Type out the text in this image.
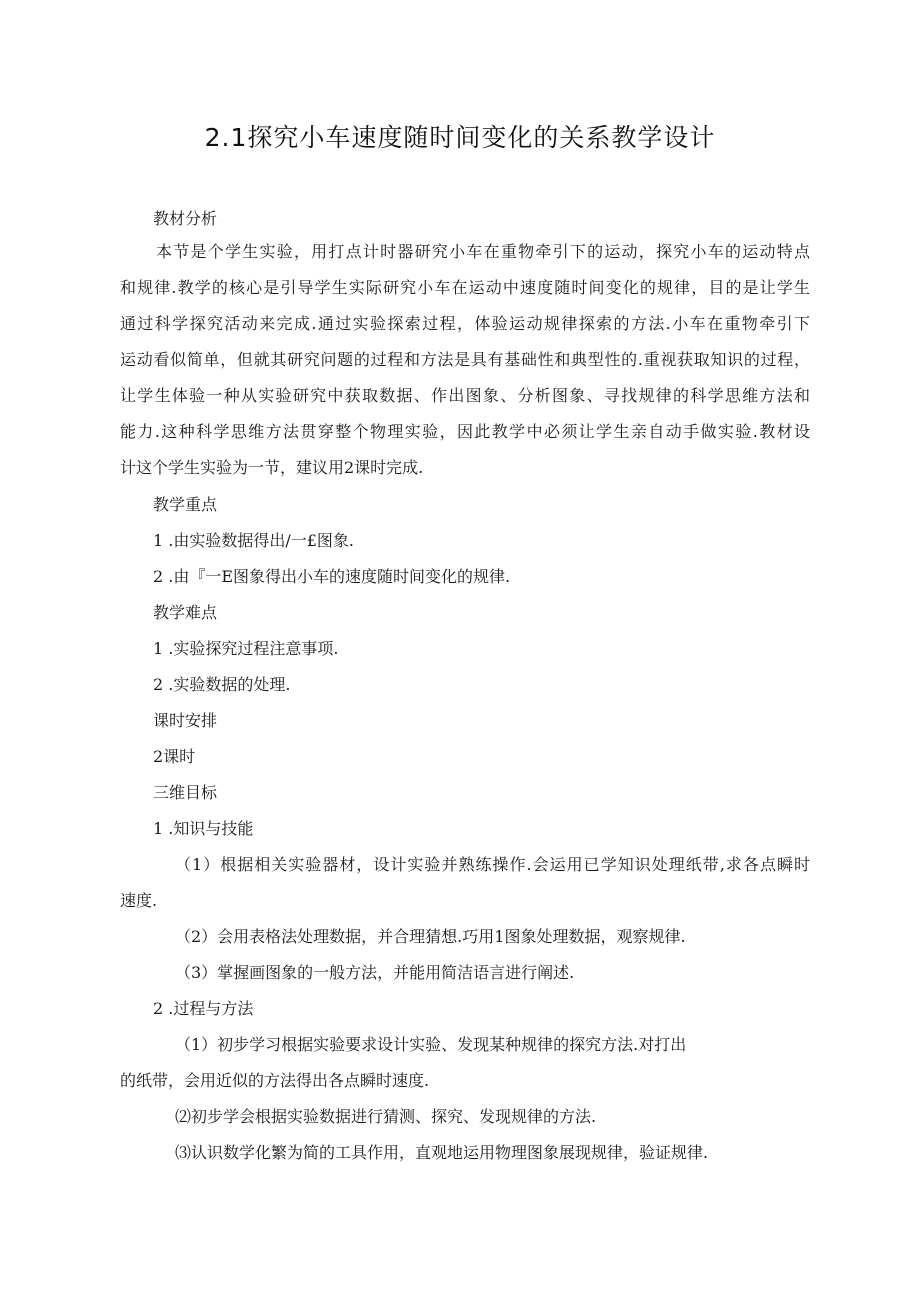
2.1探究小车速度随时间变化的关系教学设计
教材分析
本节是个学生实验，用打点计时器研究小车在重物牵引下的运动，探究小车的运动特点
和规律.教学的核心是引导学生实际研究小车在运动中速度随时间变化的规律，目的是让学生
通过科学探究活动来完成.通过实验探索过程，体验运动规律探索的方法.小车在重物牵引下
运动看似简单，但就其研究问题的过程和方法是具有基础性和典型性的.重视获取知识的过程，
让学生体验一种从实验研究中获取数据、作出图象、分析图象、寻找规律的科学思维方法和
能力.这种科学思维方法贯穿整个物理实验，因此教学中必须让学生亲自动手做实验.教材设
计这个学生实验为一节，建议用2课时完成.
教学重点
1 .由实验数据得出/一£图象.
2 .由『一E图象得出小车的速度随时间变化的规律.
教学难点
1 .实验探究过程注意事项.
2 .实验数据的处理.
课时安排
2课时
三维目标
1 .知识与技能
（1）根据相关实验器材，设计实验并熟练操作.会运用已学知识处理纸带,求各点瞬时
速度.
（2）会用表格法处理数据，并合理猜想.巧用1图象处理数据，观察规律.
（3）掌握画图象的一般方法，并能用简洁语言进行阐述.
2 .过程与方法
（1）初步学习根据实验要求设计实验、发现某种规律的探究方法.对打出
的纸带，会用近似的方法得出各点瞬时速度.
⑵初步学会根据实验数据进行猜测、探究、发现规律的方法.
⑶认识数学化繁为简的工具作用，直观地运用物理图象展现规律，验证规律.
